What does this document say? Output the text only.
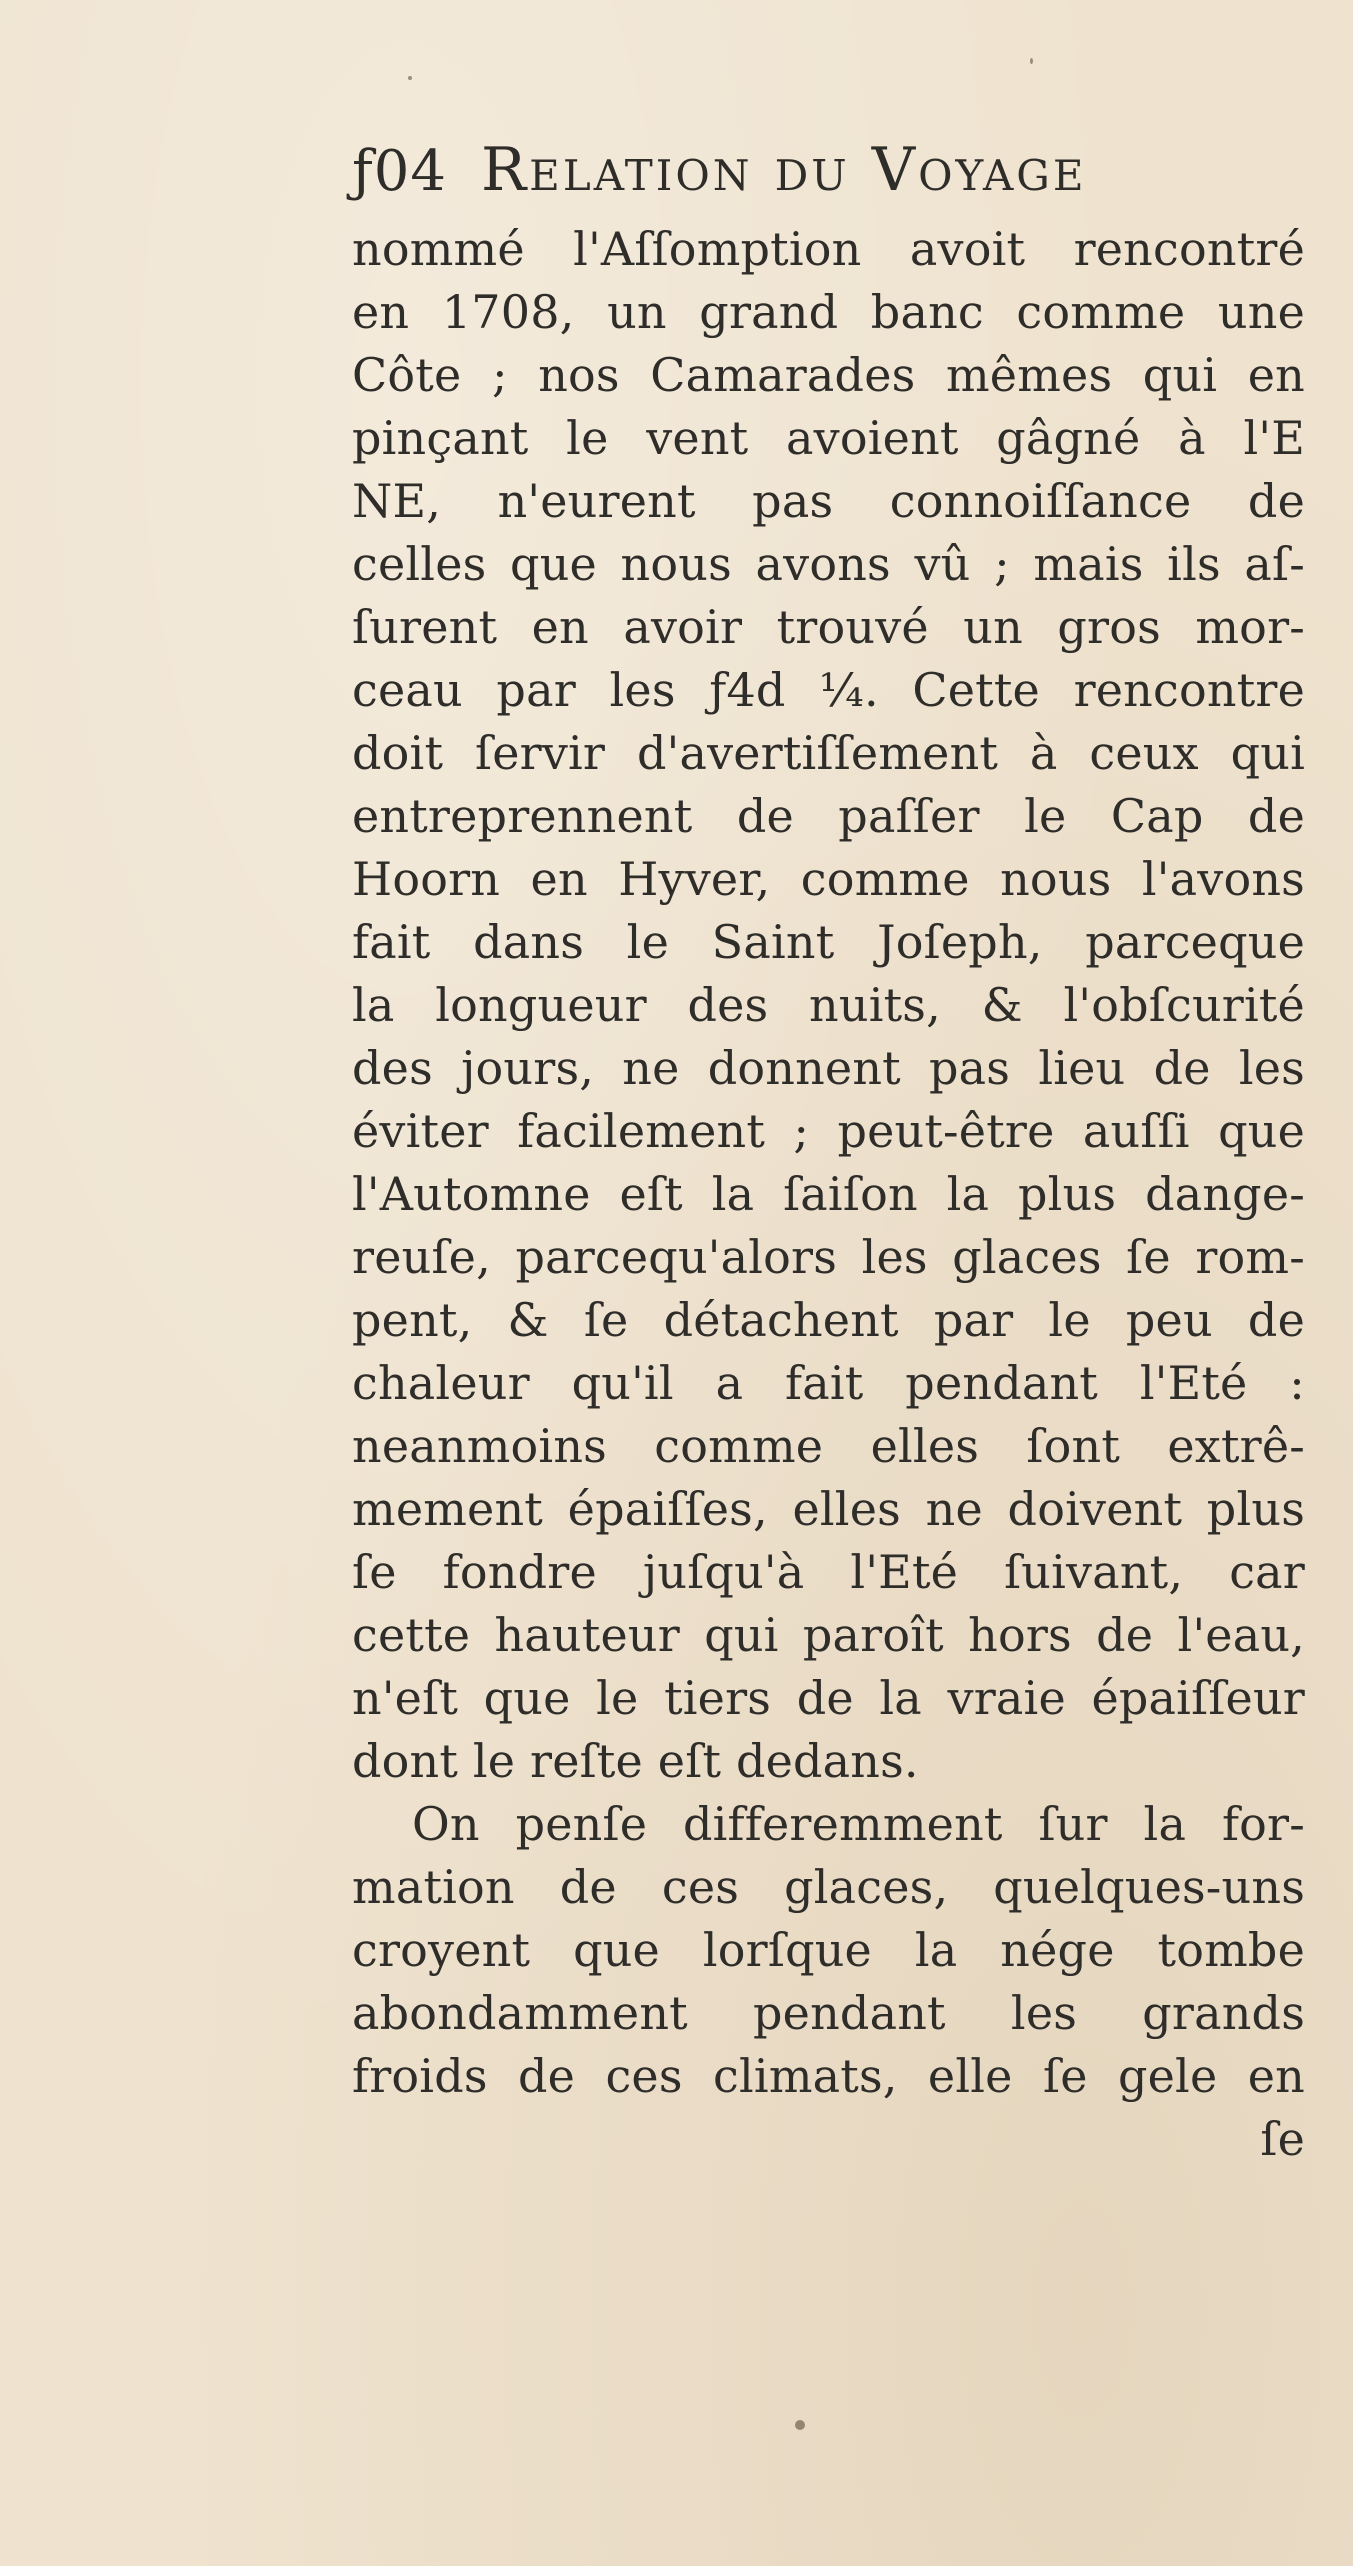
ƒ04 Relation du Voyage
nommé l'Aſſomption avoit rencontré
en 1708, un grand banc comme une
Côte ; nos Camarades mêmes qui en
pinçant le vent avoient gâgné à l'E
NE, n'eurent pas connoiſſance de
celles que nous avons vû ; mais ils aſ-
ſurent en avoir trouvé un gros mor-
ceau par les ƒ4d ¼. Cette rencontre
doit ſervir d'avertiſſement à ceux qui
entreprennent de paſſer le Cap de
Hoorn en Hyver, comme nous l'avons
fait dans le Saint Joſeph, parceque
la longueur des nuits, & l'obſcurité
des jours, ne donnent pas lieu de les
éviter facilement ; peut-être auſſi que
l'Automne eſt la ſaiſon la plus dange-
reuſe, parcequ'alors les glaces ſe rom-
pent, & ſe détachent par le peu de
chaleur qu'il a fait pendant l'Eté :
neanmoins comme elles ſont extrê-
mement épaiſſes, elles ne doivent plus
ſe fondre juſqu'à l'Eté ſuivant, car
cette hauteur qui paroît hors de l'eau,
n'eſt que le tiers de la vraie épaiſſeur
dont le reſte eſt dedans.
On penſe differemment ſur la for-
mation de ces glaces, quelques-uns
croyent que lorſque la nége tombe
abondamment pendant les grands
froids de ces climats, elle ſe gele en
ſe
